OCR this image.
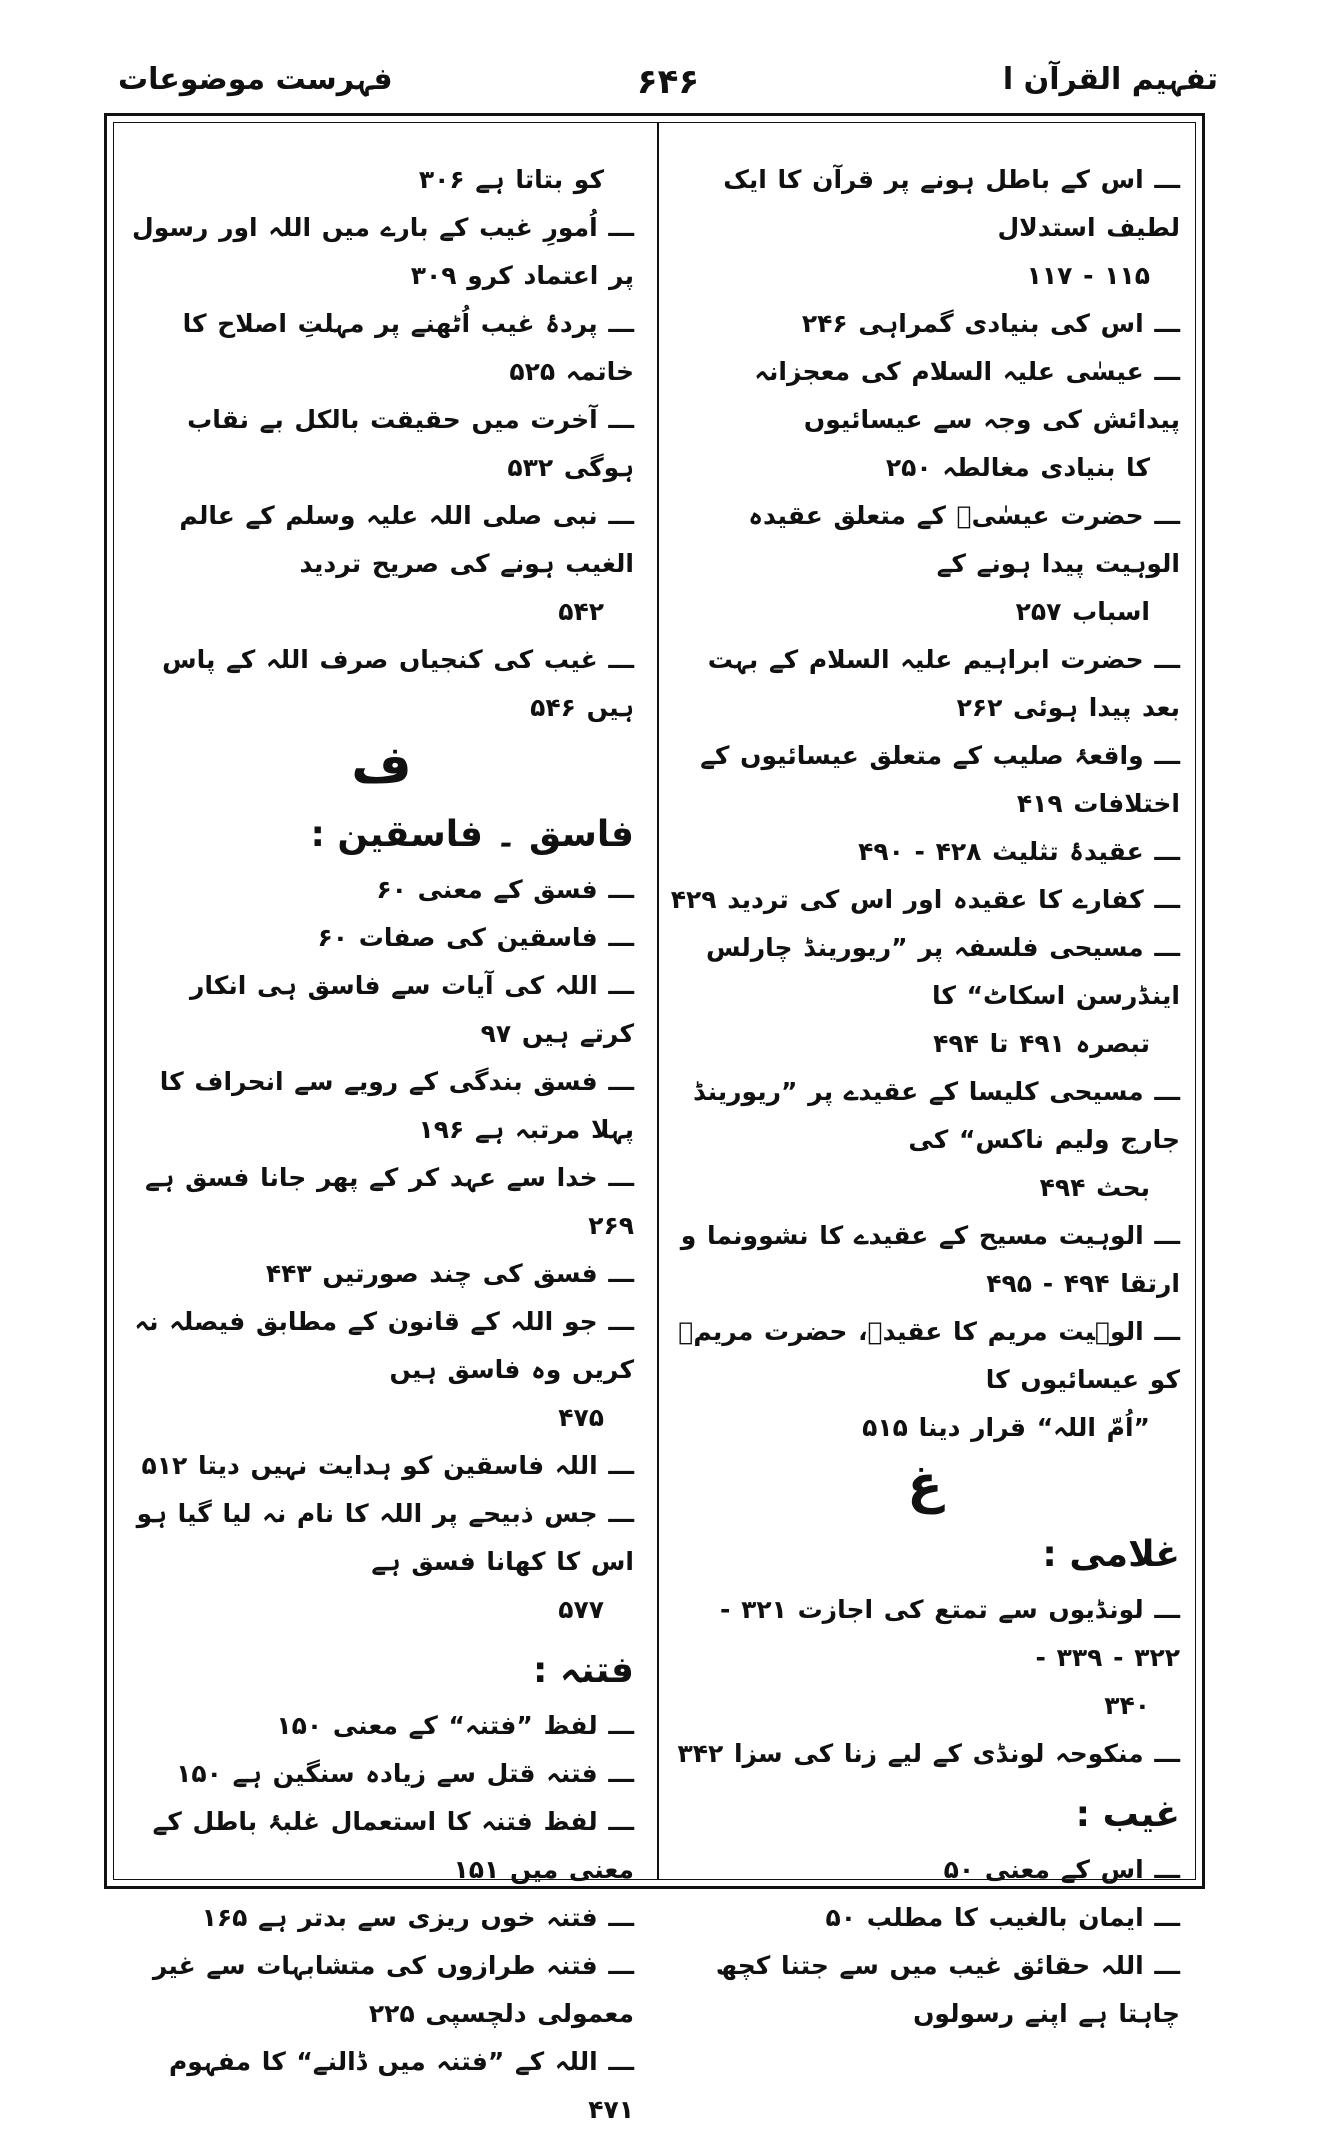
تفہیم القرآن ا
۶۴۶
فہرست موضوعات
ـــ اس کے باطل ہونے پر قرآن کا ایک لطیف استدلال
۱۱۵ - ۱۱۷
ـــ اس کی بنیادی گمراہی ۲۴۶
ـــ عیسٰی علیہ السلام کی معجزانہ پیدائش کی وجہ سے عیسائیوں
کا بنیادی مغالطہ ۲۵۰
ـــ حضرت عیسٰیؑ کے متعلق عقیدہ الوہیت پیدا ہونے کے
اسباب ۲۵۷
ـــ حضرت ابراہیم علیہ السلام کے بہت بعد پیدا ہوئی ۲۶۲
ـــ واقعۂ صلیب کے متعلق عیسائیوں کے اختلافات ۴۱۹
ـــ عقیدۂ تثلیث ۴۲۸ - ۴۹۰
ـــ کفارے کا عقیدہ اور اس کی تردید ۴۲۹
ـــ مسیحی فلسفہ پر ”ریورینڈ چارلس اینڈرسن اسکاٹ“ کا
تبصرہ ۴۹۱ تا ۴۹۴
ـــ مسیحی کلیسا کے عقیدے پر ”ریورینڈ جارج ولیم ناکس“ کی
بحث ۴۹۴
ـــ الوہیت مسیح کے عقیدے کا نشوونما و ارتقا ۴۹۴ - ۴۹۵
ـــ الوہیت مریم کا عقیدہ، حضرت مریمؑ کو عیسائیوں کا
”اُمّ اللہ“ قرار دینا ۵۱۵
غ
غلامی :
ـــ لونڈیوں سے تمتع کی اجازت ۳۲۱ - ۳۲۲ - ۳۳۹ -
۳۴۰
ـــ منکوحہ لونڈی کے لیے زنا کی سزا ۳۴۲
غیب :
ـــ اس کے معنی ۵۰
ـــ ایمان بالغیب کا مطلب ۵۰
ـــ اللہ حقائق غیب میں سے جتنا کچھ چاہتا ہے اپنے رسولوں
کو بتاتا ہے ۳۰۶
ـــ اُمورِ غیب کے بارے میں اللہ اور رسول پر اعتماد کرو ۳۰۹
ـــ پردۂ غیب اُٹھنے پر مہلتِ اصلاح کا خاتمہ ۵۲۵
ـــ آخرت میں حقیقت بالکل بے نقاب ہوگی ۵۳۲
ـــ نبی صلی اللہ علیہ وسلم کے عالم الغیب ہونے کی صریح تردید
۵۴۲
ـــ غیب کی کنجیاں صرف اللہ کے پاس ہیں ۵۴۶
ف
فاسق ۔ فاسقین :
ـــ فسق کے معنی ۶۰
ـــ فاسقین کی صفات ۶۰
ـــ اللہ کی آیات سے فاسق ہی انکار کرتے ہیں ۹۷
ـــ فسق بندگی کے رویے سے انحراف کا پہلا مرتبہ ہے ۱۹۶
ـــ خدا سے عہد کر کے پھر جانا فسق ہے ۲۶۹
ـــ فسق کی چند صورتیں ۴۴۳
ـــ جو اللہ کے قانون کے مطابق فیصلہ نہ کریں وہ فاسق ہیں
۴۷۵
ـــ اللہ فاسقین کو ہدایت نہیں دیتا ۵۱۲
ـــ جس ذبیحے پر اللہ کا نام نہ لیا گیا ہو اس کا کھانا فسق ہے
۵۷۷
فتنہ :
ـــ لفظ ”فتنہ“ کے معنی ۱۵۰
ـــ فتنہ قتل سے زیادہ سنگین ہے ۱۵۰
ـــ لفظ فتنہ کا استعمال غلبۂ باطل کے معنی میں ۱۵۱
ـــ فتنہ خوں ریزی سے بدتر ہے ۱۶۵
ـــ فتنہ طرازوں کی متشابہات سے غیر معمولی دلچسپی ۲۲۵
ـــ اللہ کے ”فتنہ میں ڈالنے“ کا مفہوم ۴۷۱
